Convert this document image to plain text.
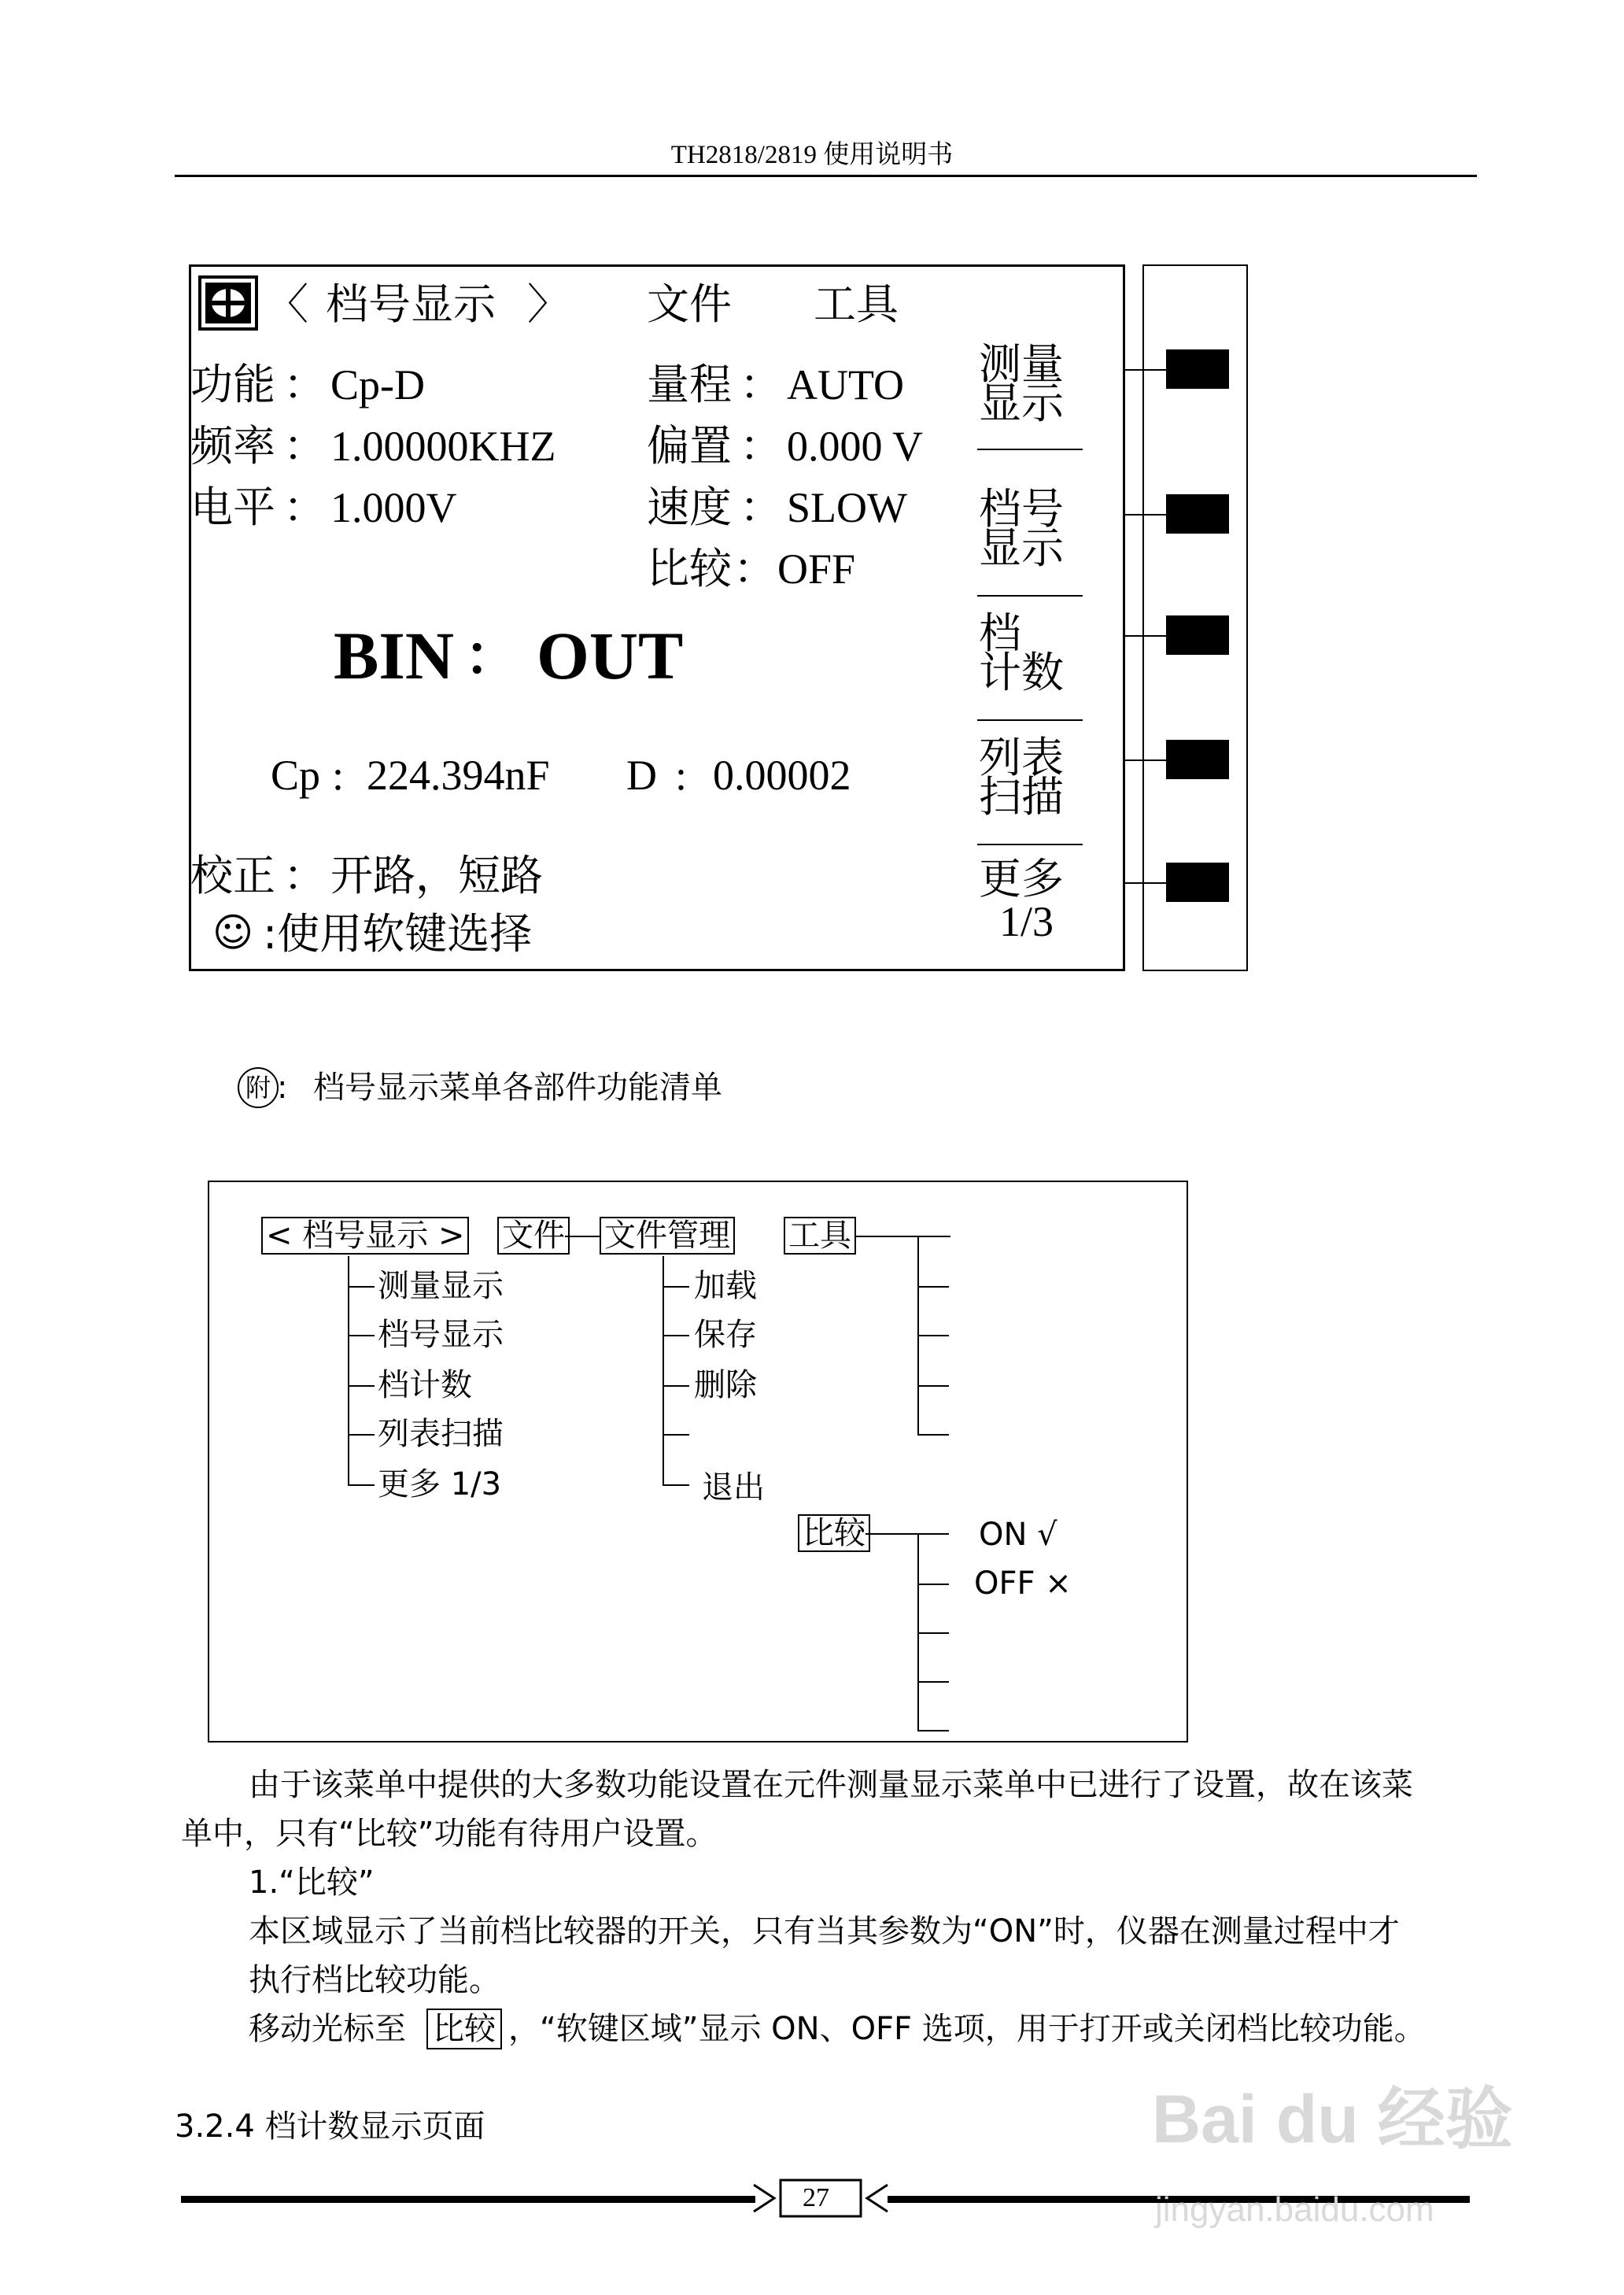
TH2818/2819 使用说明书
〈 档号显示 〉 文件 工具
功能 ： Cp-D
频率 ： 1.00000KHZ
电平 ： 1.000V
量程 ： AUTO
偏置 ： 0.000 V
速度 ： SLOW
比较 ： OFF
BIN ： OUT
Cp : 224.394nF D : 0.00002
校正 ： 开路，短路
☺ :使用软键选择
测量
显示
档号
显示
档
计数
列表
扫描
更多
1/3
附 : 档号显示菜单各部件功能清单
< 档号显示 > 文件 文件管理 工具
测量显示
档号显示
档计数
列表扫描
更多 1/3
加载
保存
删除
退出
比较	ON √
OFF ×
由于该菜单中提供的大多数功能设置在元件测量显示菜单中已进行了设置，故在该菜
单中，只有“比较”功能有待用户设置。
1.“比较”
本区域显示了当前档比较器的开关，只有当其参数为“ON”时，仪器在测量过程中才
执行档比较功能。
移动光标至 比较 ，“软键区域”显示 ON、OFF 选项，用于打开或关闭档比较功能。
3.2.4 档计数显示页面
27
Bai du 经验
jingyan.baidu.com
